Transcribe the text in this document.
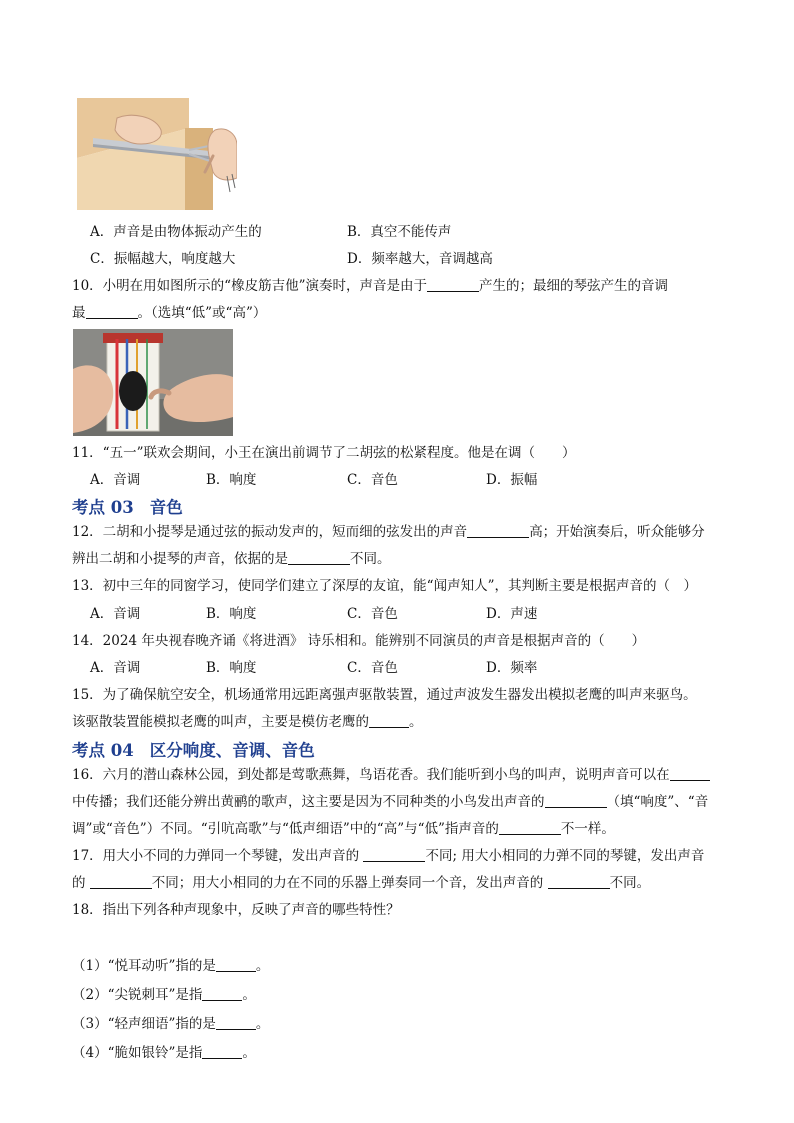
A．声音是由物体振动产生的	B．真空不能传声
C．振幅越大，响度越大	D．频率越大，音调越高
10．小明在用如图所示的“橡皮筋吉他”演奏时，声音是由于	产生的；最细的琴弦产生的音调
最	。（选填“低”或“高”）
11．“五一”联欢会期间，小王在演出前调节了二胡弦的松紧程度。他是在调（　　）
A．音调	B．响度	C．音色	D．振幅
考点 03 音色
12．二胡和小提琴是通过弦的振动发声的，短而细的弦发出的声音	高；开始演奏后，听众能够分
辨出二胡和小提琴的声音，依据的是	不同。
13．初中三年的同窗学习，使同学们建立了深厚的友谊，能“闻声知人”，其判断主要是根据声音的（　）
A．音调	B．响度	C．音色	D．声速
14．2024 年央视春晚齐诵《将进酒》 诗乐相和。能辨别不同演员的声音是根据声音的（　　）
A．音调	B．响度	C．音色	D．频率
15．为了确保航空安全，机场通常用远距离强声驱散装置，通过声波发生器发出模拟老鹰的叫声来驱鸟。
该驱散装置能模拟老鹰的叫声，主要是模仿老鹰的	。
考点 04 区分响度、音调、音色
16．六月的潜山森林公园，到处都是莺歌燕舞，鸟语花香。我们能听到小鸟的叫声，说明声音可以在
中传播；我们还能分辨出黄鹂的歌声，这主要是因为不同种类的小鸟发出声音的	（填“响度”、“音
调”或“音色”）不同。“引吭高歌”与“低声细语”中的“高”与“低”指声音的	不一样。
17．用大小不同的力弹同一个琴键，发出声音的	不同; 用大小相同的力弹不同的琴键，发出声音
的	不同；用大小相同的力在不同的乐器上弹奏同一个音，发出声音的	不同。
18．指出下列各种声现象中，反映了声音的哪些特性？
（1）“悦耳动听”指的是	。
（2）“尖锐刺耳”是指	。
（3）“轻声细语”指的是	。
（4）“脆如银铃”是指	。
